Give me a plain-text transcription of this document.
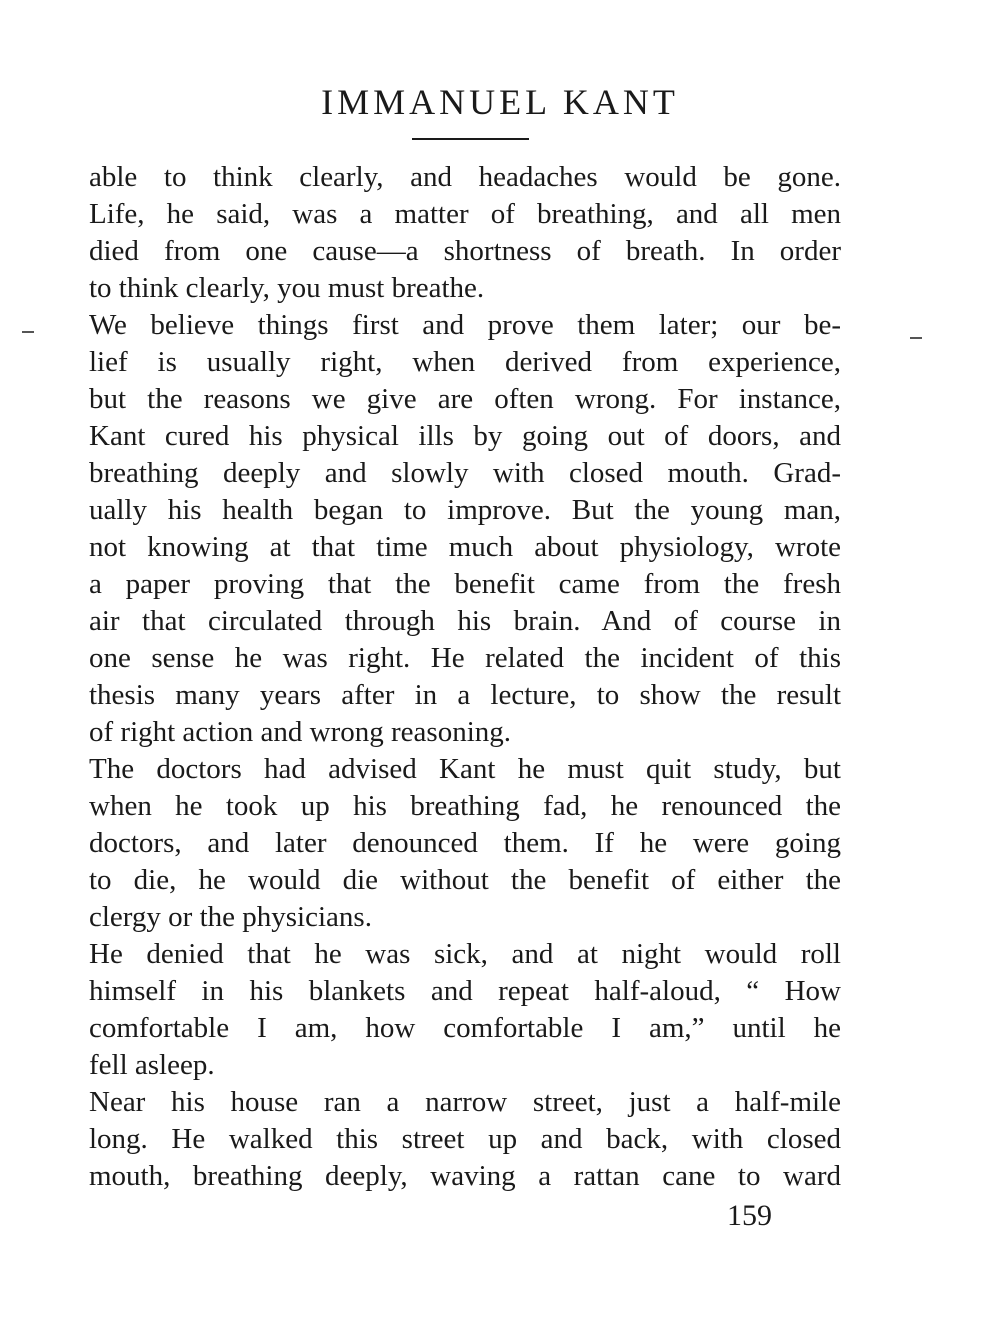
IMMANUEL KANT
able to think clearly, and headaches would be gone.
Life, he said, was a matter of breathing, and all men
died from one cause—a shortness of breath. In order
to think clearly, you must breathe.
We believe things first and prove them later; our be-
lief is usually right, when derived from experience,
but the reasons we give are often wrong. For instance,
Kant cured his physical ills by going out of doors, and
breathing deeply and slowly with closed mouth. Grad-
ually his health began to improve. But the young man,
not knowing at that time much about physiology, wrote
a paper proving that the benefit came from the fresh
air that circulated through his brain. And of course in
one sense he was right. He related the incident of this
thesis many years after in a lecture, to show the result
of right action and wrong reasoning.
The doctors had advised Kant he must quit study, but
when he took up his breathing fad, he renounced the
doctors, and later denounced them. If he were going
to die, he would die without the benefit of either the
clergy or the physicians.
He denied that he was sick, and at night would roll
himself in his blankets and repeat half-aloud, “ How
comfortable I am, how comfortable I am,” until he
fell asleep.
Near his house ran a narrow street, just a half-mile
long. He walked this street up and back, with closed
mouth, breathing deeply, waving a rattan cane to ward
159
